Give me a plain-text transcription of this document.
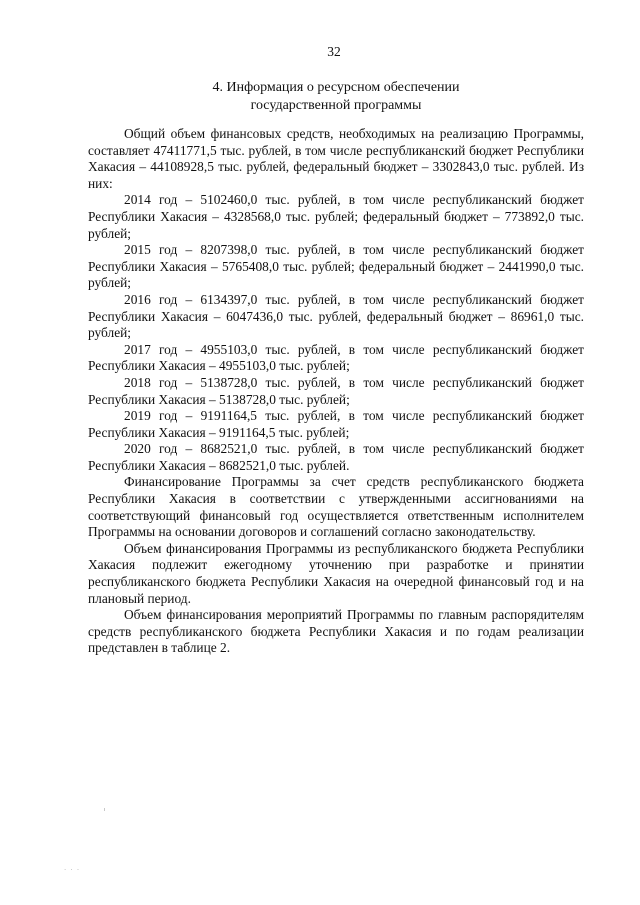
32
4. Информация о ресурсном обеспечении
государственной программы

Общий объем финансовых средств, необходимых на реализацию Программы, составляет 47411771,5 тыс. рублей, в том числе республиканский бюджет Республики Хакасия – 44108928,5 тыс. рублей, федеральный бюджет – 3302843,0 тыс. рублей. Из них:

2014 год – 5102460,0 тыс. рублей, в том числе республиканский бюджет Республики Хакасия – 4328568,0 тыс. рублей; федеральный бюджет – 773892,0 тыс. рублей;

2015 год – 8207398,0 тыс. рублей, в том числе республиканский бюджет Республики Хакасия – 5765408,0 тыс. рублей; федеральный бюджет – 2441990,0 тыс. рублей;

2016 год – 6134397,0 тыс. рублей, в том числе республиканский бюджет Республики Хакасия – 6047436,0 тыс. рублей, федеральный бюджет – 86961,0 тыс. рублей;

2017 год – 4955103,0 тыс. рублей, в том числе республиканский бюджет Республики Хакасия – 4955103,0 тыс. рублей;

2018 год – 5138728,0 тыс. рублей, в том числе республиканский бюджет Республики Хакасия – 5138728,0 тыс. рублей;

2019 год – 9191164,5 тыс. рублей, в том числе республиканский бюджет Республики Хакасия – 9191164,5 тыс. рублей;

2020 год – 8682521,0 тыс. рублей, в том числе республиканский бюджет Республики Хакасия – 8682521,0 тыс. рублей.

Финансирование Программы за счет средств республиканского бюджета Республики Хакасия в соответствии с утвержденными ассигнованиями на соответствующий финансовый год осуществляется ответственным исполнителем Программы на основании договоров и соглашений согласно законодательству.

Объем финансирования Программы из республиканского бюджета Республики Хакасия подлежит ежегодному уточнению при разработке и принятии республиканского бюджета Республики Хакасия на очередной финансовый год и на плановый период.

Объем финансирования мероприятий Программы по главным распорядителям средств республиканского бюджета Республики Хакасия и по годам реализации представлен в таблице 2.

· · ·
